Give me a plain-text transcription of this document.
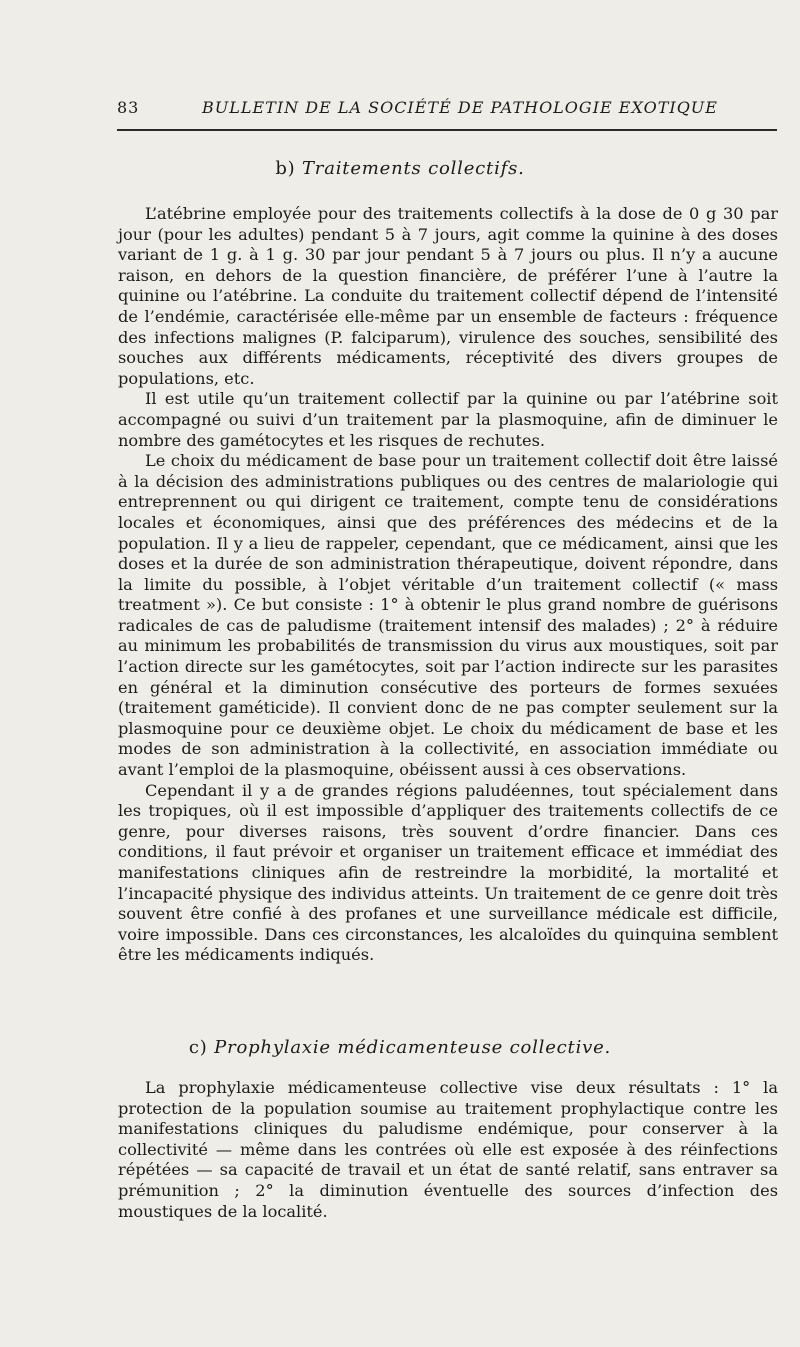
83	BULLETIN DE LA SOCIÉTÉ DE PATHOLOGIE EXOTIQUE
b) Traitements collectifs.

L’atébrine employée pour des traitements collectifs à la dose de 0 g 30 par jour (pour les adultes) pendant 5 à 7 jours, agit comme la quinine à des doses variant de 1 g. à 1 g. 30 par jour pendant 5 à 7 jours ou plus. Il n’y a aucune raison, en dehors de la question financière, de préférer l’une à l’autre la quinine ou l’atébrine. La conduite du traitement collectif dépend de l’intensité de l’endémie, caractérisée elle-même par un ensemble de facteurs : fréquence des infections malignes (P. falciparum), virulence des souches, sensibilité des souches aux différents médicaments, réceptivité des divers groupes de populations, etc.

Il est utile qu’un traitement collectif par la quinine ou par l’atébrine soit accompagné ou suivi d’un traitement par la plasmoquine, afin de diminuer le nombre des gamétocytes et les risques de rechutes.

Le choix du médicament de base pour un traitement collectif doit être laissé à la décision des administrations publiques ou des centres de malariologie qui entreprennent ou qui dirigent ce traitement, compte tenu de considérations locales et économiques, ainsi que des préférences des médecins et de la population. Il y a lieu de rappeler, cependant, que ce médicament, ainsi que les doses et la durée de son administration thérapeutique, doivent répondre, dans la limite du possible, à l’objet véritable d’un traitement collectif (« mass treatment »). Ce but consiste : 1° à obtenir le plus grand nombre de guérisons radicales de cas de paludisme (traitement intensif des malades) ; 2° à réduire au minimum les probabilités de transmission du virus aux moustiques, soit par l’action directe sur les gamétocytes, soit par l’action indirecte sur les parasites en général et la diminution consécutive des porteurs de formes sexuées (traitement gaméticide). Il convient donc de ne pas compter seulement sur la plasmoquine pour ce deuxième objet. Le choix du médicament de base et les modes de son administration à la collectivité, en association immédiate ou avant l’emploi de la plasmoquine, obéissent aussi à ces observations.

Cependant il y a de grandes régions paludéennes, tout spécialement dans les tropiques, où il est impossible d’appliquer des traitements collectifs de ce genre, pour diverses raisons, très souvent d’ordre financier. Dans ces conditions, il faut prévoir et organiser un traitement efficace et immédiat des manifestations cliniques afin de restreindre la morbidité, la mortalité et l’incapacité physique des individus atteints. Un traitement de ce genre doit très souvent être confié à des profanes et une surveillance médicale est difficile, voire impossible. Dans ces circonstances, les alcaloïdes du quinquina semblent être les médicaments indiqués.

c) Prophylaxie médicamenteuse collective.

La prophylaxie médicamenteuse collective vise deux résultats : 1° la protection de la population soumise au traitement prophylactique contre les manifestations cliniques du paludisme endémique, pour conserver à la collectivité — même dans les contrées où elle est exposée à des réinfections répétées — sa capacité de travail et un état de santé relatif, sans entraver sa prémunition ; 2° la diminution éventuelle des sources d’infection des moustiques de la localité.
